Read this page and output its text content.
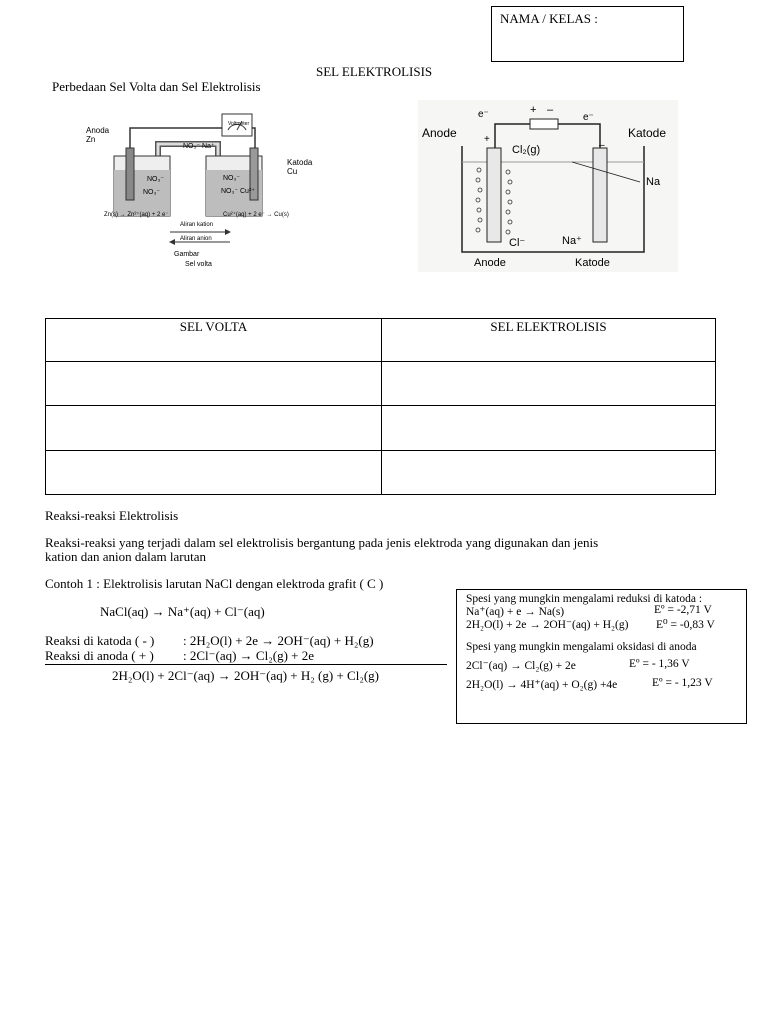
NAMA / KELAS :
SEL ELEKTROLISIS
Perbedaan Sel Volta dan Sel Elektrolisis
Anoda
Zn
Katoda
Cu
NO₃⁻ Na⁺
Voltmeter
NO₃⁻
NO₃⁻
NO₃⁻
NO₃⁻ Cu²⁺
Zn(s) → Zn²⁺(aq) + 2 e⁻	Cu²⁺(aq) + 2 e⁻ → Cu(s)
Aliran kation
Aliran anion
Gambar
Sel volta
e⁻	+ –
e⁻
Anode	Katode
+
–
Cl₂(g)
Na
Cl⁻	Na⁺
Anode	Katode
SEL VOLTA	SEL ELEKTROLISIS

Reaksi-reaksi Elektrolisis
Reaksi-reaksi yang terjadi dalam sel elektrolisis bergantung pada jenis elektroda yang digunakan dan jenis
kation dan anion dalam larutan
Contoh 1 : Elektrolisis larutan NaCl dengan elektroda grafit ( C )
NaCl(aq) → Na⁺(aq) + Cl⁻(aq)
Reaksi di katoda ( - ) : 2H₂O(l) + 2e → 2OH⁻(aq) + H₂(g)
Reaksi di anoda ( + ) : 2Cl⁻(aq) → Cl₂(g) + 2e
2H₂O(l) + 2Cl⁻(aq) → 2OH⁻(aq) + H₂ (g) + Cl₂(g)
Spesi yang mungkin mengalami reduksi di katoda :
Na⁺(aq) + e → Na(s)	Eº = -2,71 V
2H₂O(l) + 2e → 2OH⁻(aq) + H₂(g) E⁰ = -0,83 V
Spesi yang mungkin mengalami oksidasi di anoda
2Cl⁻(aq) → Cl₂(g) + 2e	Eº = - 1,36 V
2H₂O(l) → 4H⁺(aq) + O₂(g) +4e	Eº = - 1,23 V
